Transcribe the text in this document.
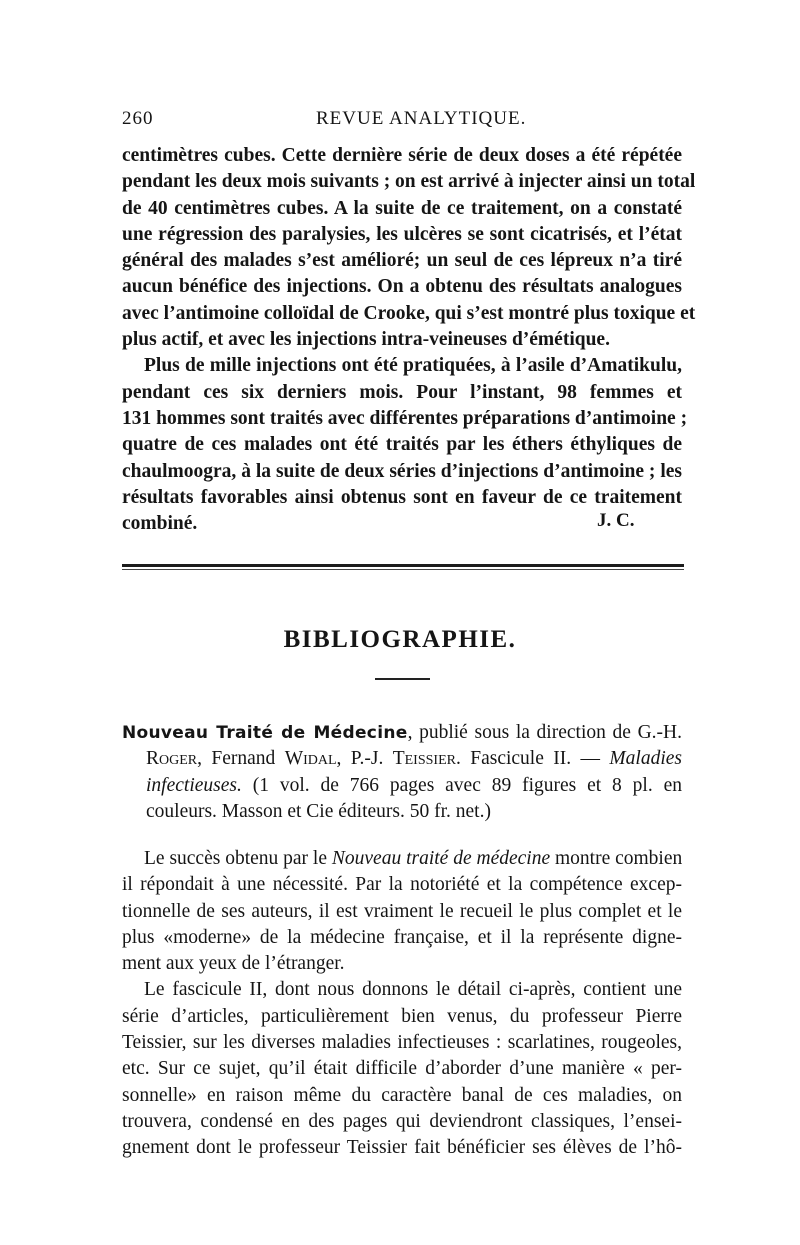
260	REVUE ANALYTIQUE.
centimètres cubes. Cette dernière série de deux doses a été répétée
pendant les deux mois suivants ; on est arrivé à injecter ainsi un total
de 40 centimètres cubes. A la suite de ce traitement, on a constaté
une régression des paralysies, les ulcères se sont cicatrisés, et l’état
général des malades s’est amélioré; un seul de ces lépreux n’a tiré
aucun bénéfice des injections. On a obtenu des résultats analogues
avec l’antimoine colloïdal de Crooke, qui s’est montré plus toxique et
plus actif, et avec les injections intra-veineuses d’émétique.
Plus de mille injections ont été pratiquées, à l’asile d’Amatikulu,
pendant ces six derniers mois. Pour l’instant, 98 femmes et
131 hommes sont traités avec différentes préparations d’antimoine ;
quatre de ces malades ont été traités par les éthers éthyliques de
chaulmoogra, à la suite de deux séries d’injections d’antimoine ; les
résultats favorables ainsi obtenus sont en faveur de ce traitement
combiné.	J. C.
BIBLIOGRAPHIE.
Nouveau Traité de Médecine, publié sous la direction de G.-H.
Roger, Fernand Widal, P.-J. Teissier. Fascicule II. — Maladies
infectieuses. (1 vol. de 766 pages avec 89 figures et 8 pl. en
couleurs. Masson et Cie éditeurs. 50 fr. net.)
Le succès obtenu par le Nouveau traité de médecine montre combien
il répondait à une nécessité. Par la notoriété et la compétence excep-
tionnelle de ses auteurs, il est vraiment le recueil le plus complet et le
plus «moderne» de la médecine française, et il la représente digne-
ment aux yeux de l’étranger.
Le fascicule II, dont nous donnons le détail ci-après, contient une
série d’articles, particulièrement bien venus, du professeur Pierre
Teissier, sur les diverses maladies infectieuses : scarlatines, rougeoles,
etc. Sur ce sujet, qu’il était difficile d’aborder d’une manière « per-
sonnelle» en raison même du caractère banal de ces maladies, on
trouvera, condensé en des pages qui deviendront classiques, l’ensei-
gnement dont le professeur Teissier fait bénéficier ses élèves de l’hô-
